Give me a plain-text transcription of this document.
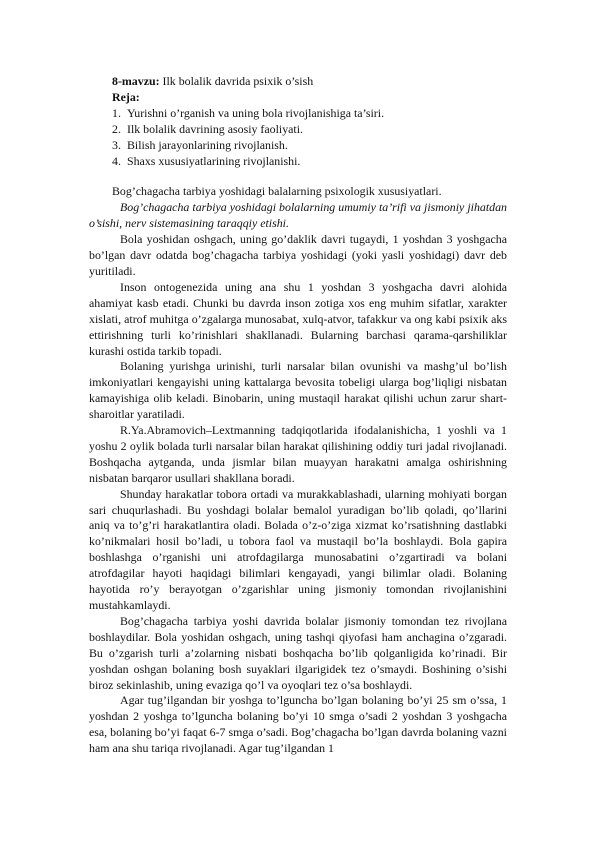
8-mavzu: Ilk bolalik davrida psixik o’sish
Reja:
1. Yurishni o’rganish va uning bola rivojlanishiga ta’siri.
2. Ilk bolalik davrining asosiy faoliyati.
3. Bilish jarayonlarining rivojlanish.
4. Shaxs xususiyatlarining rivojlanishi.
Bog’chagacha tarbiya yoshidagi balalarning psixologik xususiyatlari.

Bog’chagacha tarbiya yoshidagi bolalarning umumiy ta’rifi va jismoniy jihatdan o’sishi, nerv sistemasining taraqqiy etishi.

Bola yoshidan oshgach, uning go’daklik davri tugaydi, 1 yoshdan 3 yoshgacha bo’lgan davr odatda bog’chagacha tarbiya yoshidagi (yoki yasli yoshidagi) davr deb yuritiladi.

Inson ontogenezida uning ana shu 1 yoshdan 3 yoshgacha davri alohida ahamiyat kasb etadi. Chunki bu davrda inson zotiga xos eng muhim sifatlar, xarakter xislati, atrof muhitga o’zgalarga munosabat, xulq-atvor, tafakkur va ong kabi psixik aks ettirishning turli ko’rinishlari shakllanadi. Bularning barchasi qarama-qarshiliklar kurashi ostida tarkib topadi.

Bolaning yurishga urinishi, turli narsalar bilan ovunishi va mashg’ul bo’lish imkoniyatlari kengayishi uning kattalarga bevosita tobeligi ularga bog’liqligi nisbatan kamayishiga olib keladi. Binobarin, uning mustaqil harakat qilishi uchun zarur shart-sharoitlar yaratiladi.

R.Ya.Abramovich–Lextmanning tadqiqotlarida ifodalanishicha, 1 yoshli va 1 yoshu 2 oylik bolada turli narsalar bilan harakat qilishining oddiy turi jadal rivojlanadi. Boshqacha aytganda, unda jismlar bilan muayyan harakatni amalga oshirishning nisbatan barqaror usullari shakllana boradi.

Shunday harakatlar tobora ortadi va murakkablashadi, ularning mohiyati borgan sari chuqurlashadi. Bu yoshdagi bolalar bemalol yuradigan bo’lib qoladi, qo’llarini aniq va to’g’ri harakatlantira oladi. Bolada o’z-o’ziga xizmat ko’rsatishning dastlabki ko’nikmalari hosil bo’ladi, u tobora faol va mustaqil bo’la boshlaydi. Bola gapira boshlashga o’rganishi uni atrofdagilarga munosabatini o’zgartiradi va bolani atrofdagilar hayoti haqidagi bilimlari kengayadi, yangi bilimlar oladi. Bolaning hayotida ro’y berayotgan o’zgarishlar uning jismoniy tomondan rivojlanishini mustahkamlaydi.

Bog’chagacha tarbiya yoshi davrida bolalar jismoniy tomondan tez rivojlana boshlaydilar. Bola yoshidan oshgach, uning tashqi qiyofasi ham anchagina o’zgaradi. Bu o’zgarish turli a’zolarning nisbati boshqacha bo’lib qolganligida ko’rinadi. Bir yoshdan oshgan bolaning bosh suyaklari ilgarigidek tez o’smaydi. Boshining o’sishi biroz sekinlashib, uning evaziga qo’l va oyoqlari tez o’sa boshlaydi.

Agar tug’ilgandan bir yoshga to’lguncha bo’lgan bolaning bo’yi 25 sm o’ssa, 1 yoshdan 2 yoshga to’lguncha bolaning bo’yi 10 smga o’sadi 2 yoshdan 3 yoshgacha esa, bolaning bo’yi faqat 6-7 smga o’sadi. Bog’chagacha bo’lgan davrda bolaning vazni ham ana shu tariqa rivojlanadi. Agar tug’ilgandan 1
